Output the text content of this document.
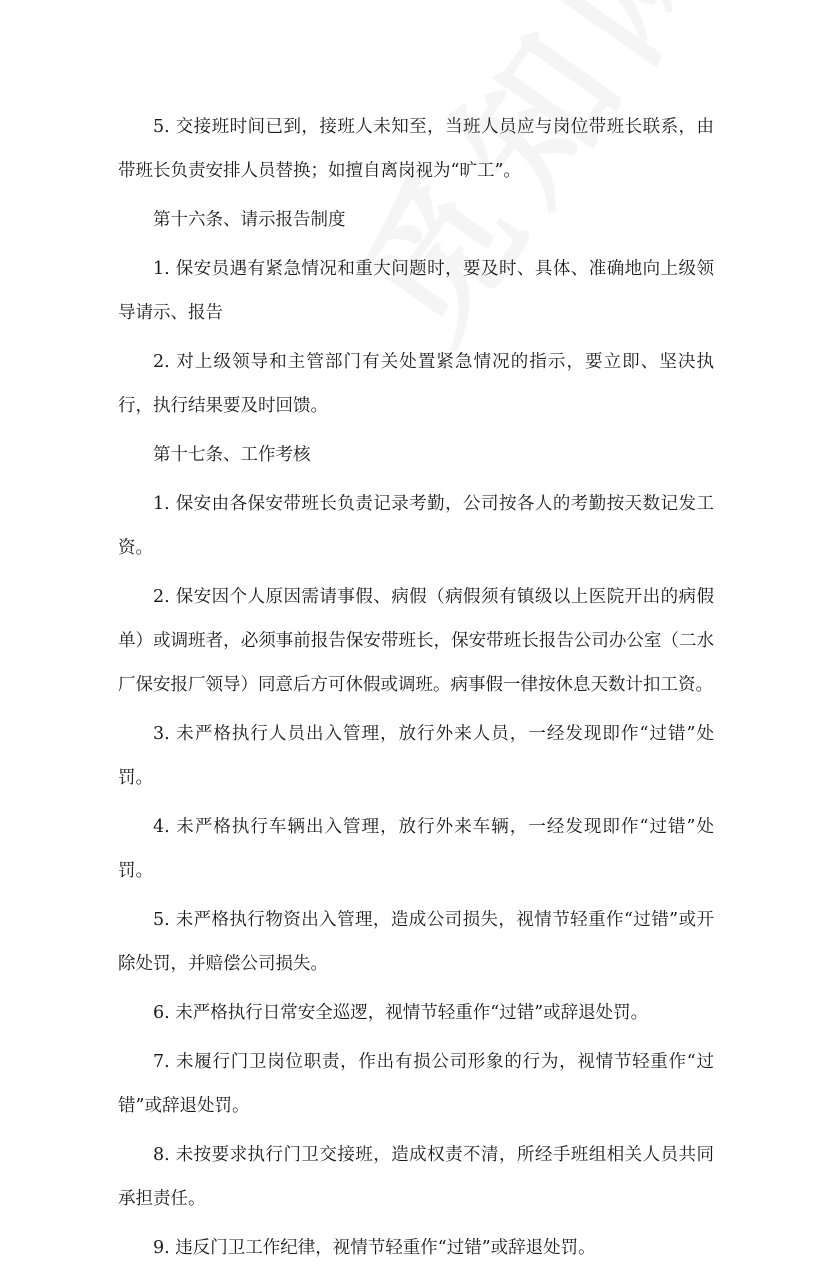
5. 交接班时间已到，接班人未知至，当班人员应与岗位带班长联系，由带班长负责安排人员替换；如擅自离岗视为“旷工”。

第十六条、请示报告制度

1. 保安员遇有紧急情况和重大问题时，要及时、具体、准确地向上级领导请示、报告

2. 对上级领导和主管部门有关处置紧急情况的指示，要立即、坚决执行，执行结果要及时回馈。

第十七条、工作考核

1. 保安由各保安带班长负责记录考勤，公司按各人的考勤按天数记发工资。

2. 保安因个人原因需请事假、病假（病假须有镇级以上医院开出的病假单）或调班者，必须事前报告保安带班长，保安带班长报告公司办公室（二水厂保安报厂领导）同意后方可休假或调班。病事假一律按休息天数计扣工资。

3. 未严格执行人员出入管理，放行外来人员，一经发现即作“过错”处罚。

4. 未严格执行车辆出入管理，放行外来车辆，一经发现即作“过错”处罚。

5. 未严格执行物资出入管理，造成公司损失，视情节轻重作“过错”或开除处罚，并赔偿公司损失。

6. 未严格执行日常安全巡逻，视情节轻重作“过错”或辞退处罚。

7. 未履行门卫岗位职责，作出有损公司形象的行为，视情节轻重作“过错”或辞退处罚。

8. 未按要求执行门卫交接班，造成权责不清，所经手班组相关人员共同承担责任。

9. 违反门卫工作纪律，视情节轻重作“过错”或辞退处罚。
